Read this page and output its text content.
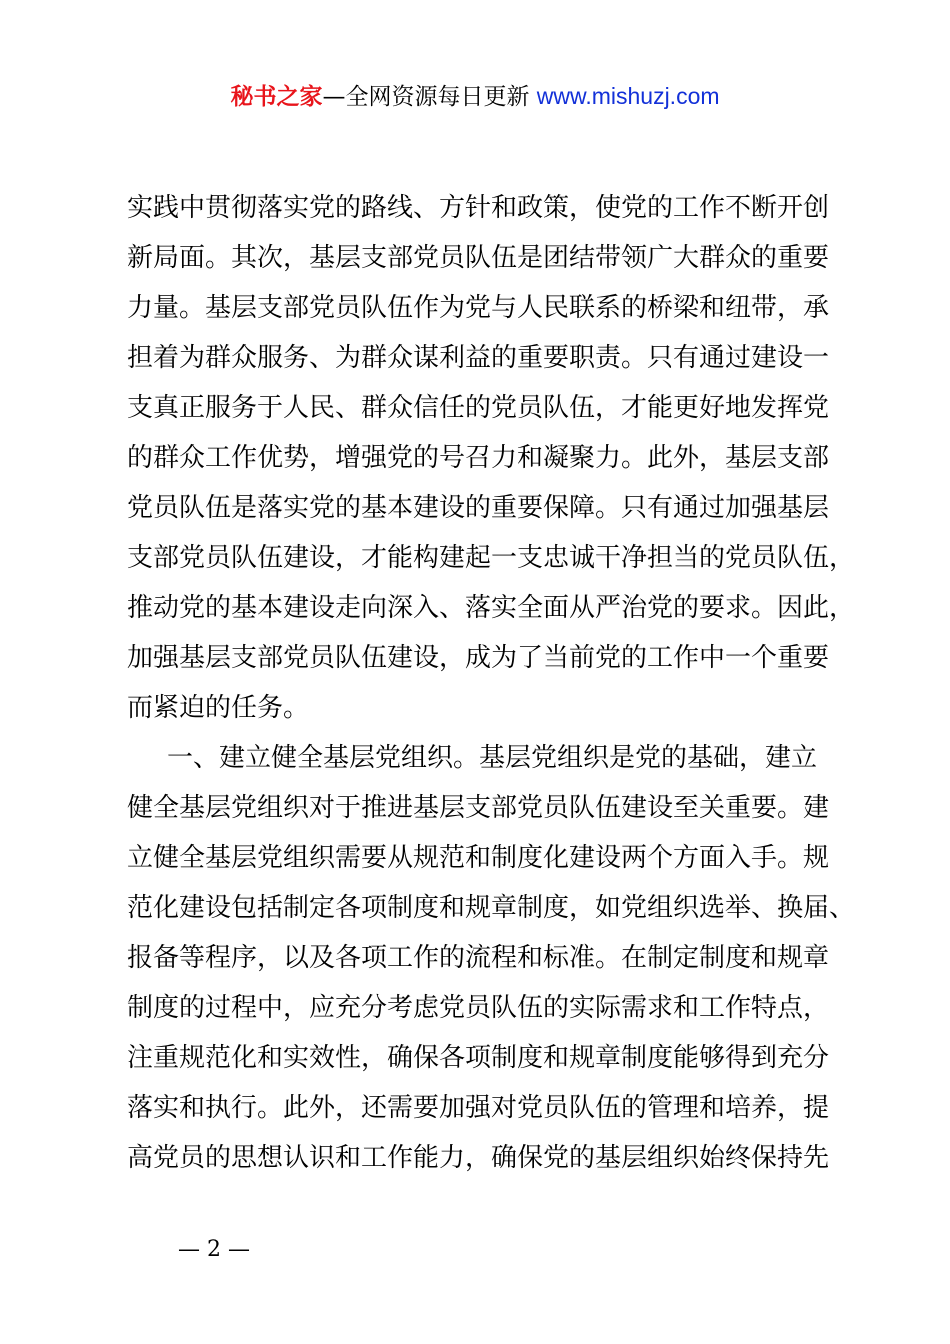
秘书之家—全网资源每日更新 www.mishuzj.com
实践中贯彻落实党的路线、方针和政策，使党的工作不断开创
新局面。其次，基层支部党员队伍是团结带领广大群众的重要
力量。基层支部党员队伍作为党与人民联系的桥梁和纽带，承
担着为群众服务、为群众谋利益的重要职责。只有通过建设一
支真正服务于人民、群众信任的党员队伍，才能更好地发挥党
的群众工作优势，增强党的号召力和凝聚力。此外，基层支部
党员队伍是落实党的基本建设的重要保障。只有通过加强基层
支部党员队伍建设，才能构建起一支忠诚干净担当的党员队伍，
推动党的基本建设走向深入、落实全面从严治党的要求。因此，
加强基层支部党员队伍建设，成为了当前党的工作中一个重要
而紧迫的任务。
一、建立健全基层党组织。基层党组织是党的基础，建立
健全基层党组织对于推进基层支部党员队伍建设至关重要。建
立健全基层党组织需要从规范和制度化建设两个方面入手。规
范化建设包括制定各项制度和规章制度，如党组织选举、换届、
报备等程序，以及各项工作的流程和标准。在制定制度和规章
制度的过程中，应充分考虑党员队伍的实际需求和工作特点，
注重规范化和实效性，确保各项制度和规章制度能够得到充分
落实和执行。此外，还需要加强对党员队伍的管理和培养，提
高党员的思想认识和工作能力，确保党的基层组织始终保持先
— 2 —
